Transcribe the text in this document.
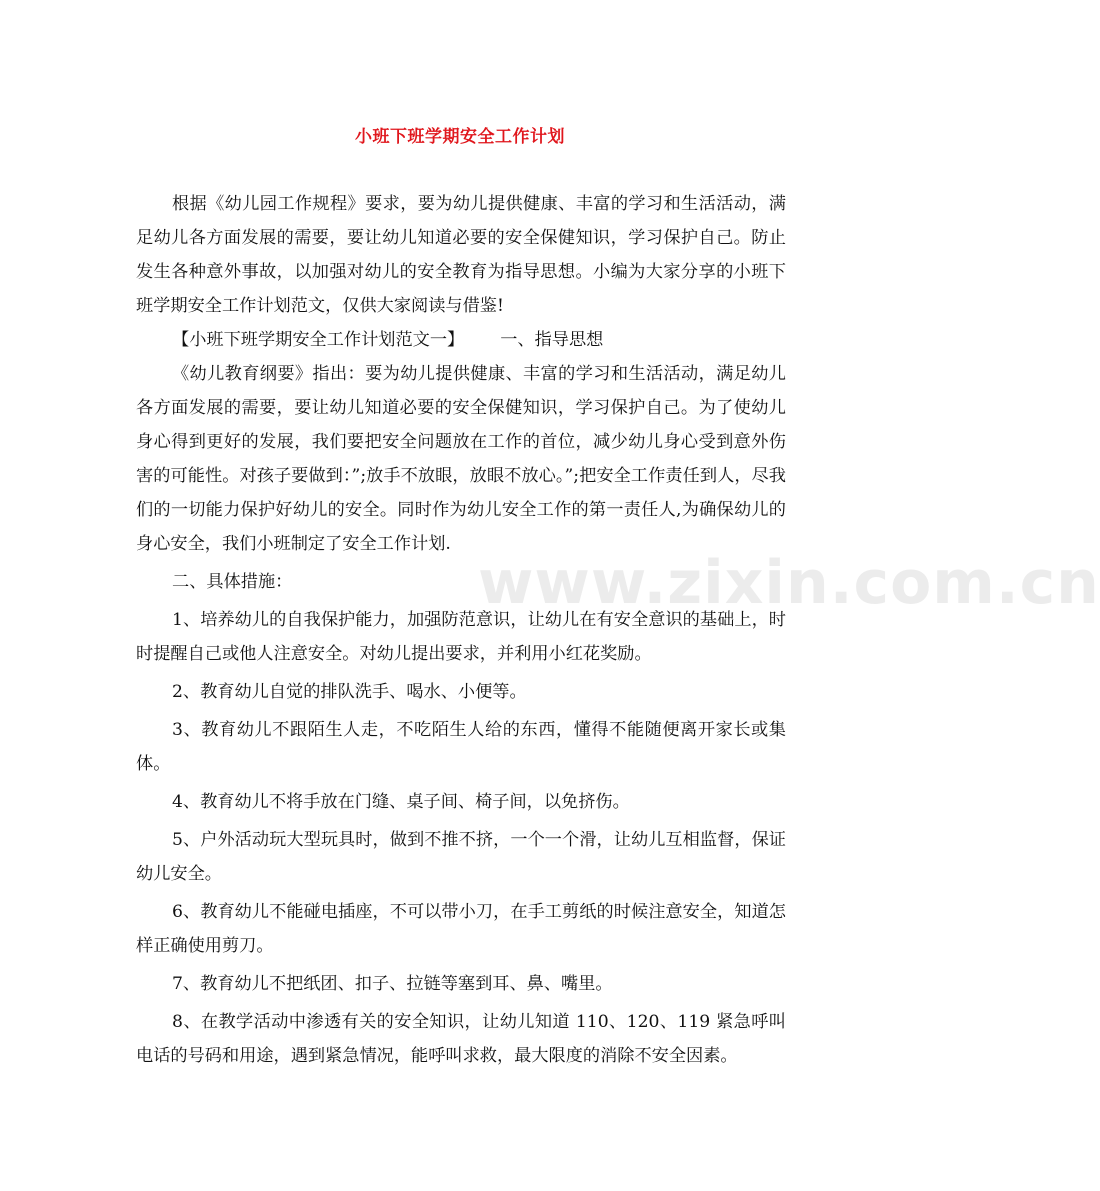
小班下班学期安全工作计划

根据《幼儿园工作规程》要求，要为幼儿提供健康、丰富的学习和生活活动，满足幼儿各方面发展的需要，要让幼儿知道必要的安全保健知识，学习保护自己。防止发生各种意外事故，以加强对幼儿的安全教育为指导思想。小编为大家分享的小班下班学期安全工作计划范文，仅供大家阅读与借鉴!

【小班下班学期安全工作计划范文一】 一、指导思想

《幼儿教育纲要》指出：要为幼儿提供健康、丰富的学习和生活活动，满足幼儿各方面发展的需要，要让幼儿知道必要的安全保健知识，学习保护自己。为了使幼儿身心得到更好的发展，我们要把安全问题放在工作的首位，减少幼儿身心受到意外伤害的可能性。对孩子要做到：”;放手不放眼，放眼不放心。”;把安全工作责任到人，尽我们的一切能力保护好幼儿的安全。同时作为幼儿安全工作的第一责任人,为确保幼儿的身心安全，我们小班制定了安全工作计划.

二、具体措施：

1、培养幼儿的自我保护能力，加强防范意识，让幼儿在有安全意识的基础上，时时提醒自己或他人注意安全。对幼儿提出要求，并利用小红花奖励。

2、教育幼儿自觉的排队洗手、喝水、小便等。

3、教育幼儿不跟陌生人走，不吃陌生人给的东西，懂得不能随便离开家长或集体。

4、教育幼儿不将手放在门缝、桌子间、椅子间，以免挤伤。

5、户外活动玩大型玩具时，做到不推不挤，一个一个滑，让幼儿互相监督，保证幼儿安全。

6、教育幼儿不能碰电插座，不可以带小刀，在手工剪纸的时候注意安全，知道怎样正确使用剪刀。

7、教育幼儿不把纸团、扣子、拉链等塞到耳、鼻、嘴里。

8、在教学活动中渗透有关的安全知识，让幼儿知道 110、120、119 紧急呼叫电话的号码和用途，遇到紧急情况，能呼叫求救，最大限度的消除不安全因素。

www.zixin.com.cn
